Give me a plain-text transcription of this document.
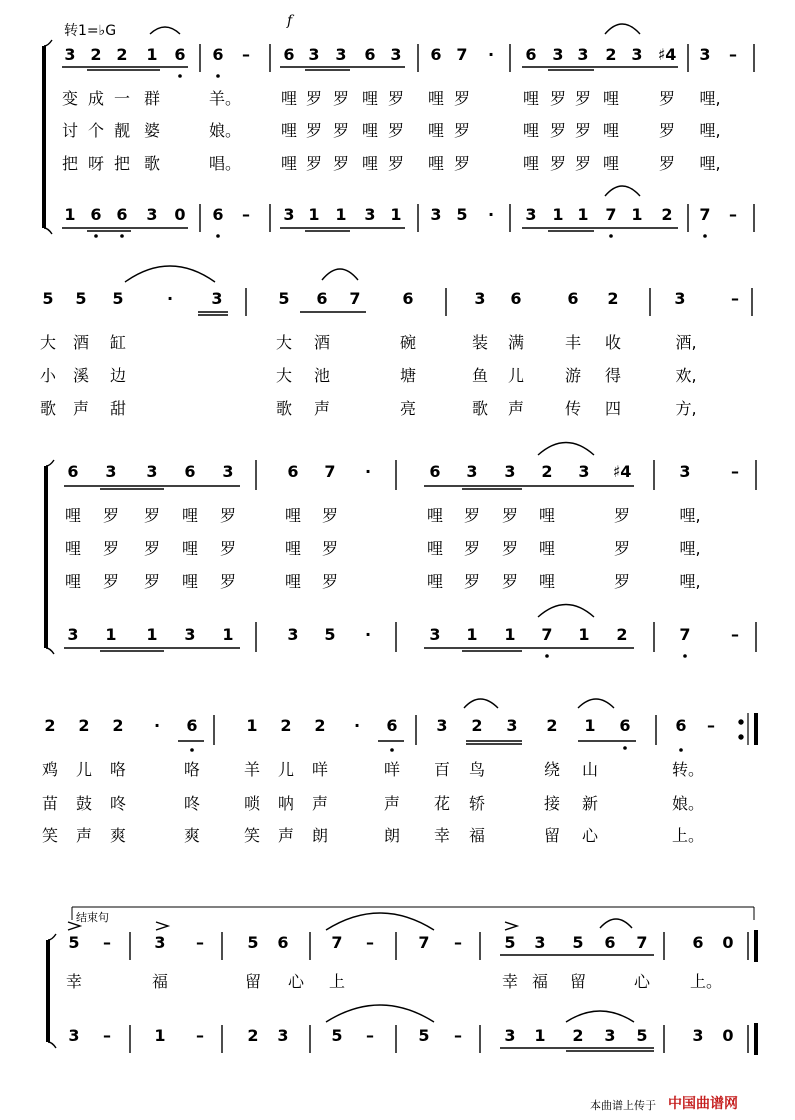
转1=♭G
f
3 2 2 1 6 6 – 6 3 3 6 3 6 7 · 6 3 3 2 3 ♯4 3 –
变 成 一 群	羊。 哩 罗 罗 哩 罗 哩 罗	哩 罗 罗 哩 罗 哩,
讨 个 靓 婆	娘。 哩 罗 罗 哩 罗 哩 罗	哩 罗 罗 哩 罗 哩,
把 呀 把 歌	唱。 哩 罗 罗 哩 罗 哩 罗	哩 罗 罗 哩 罗 哩,
1 6 6 3 0 6 – 3 1 1 3 1 3 5 · 3 1 1 7 1 2 7 –
5 5 5	· 3	5 6 7	6	3 6	6 2	3	–
大 酒 缸	大 酒	碗	装 满	丰 收	酒,
小 溪 边	大 池	塘	鱼 儿	游 得	欢,
歌 声 甜	歌 声	亮	歌 声	传 四	方,
6 3 3 6 3	6 7 ·	6 3 3 2 3 ♯4	3	–
哩 罗 罗 哩 罗	哩 罗	哩 罗 罗 哩	罗	哩,
哩 罗 罗 哩 罗	哩 罗	哩 罗 罗 哩	罗	哩,
哩 罗 罗 哩 罗	哩 罗	哩 罗 罗 哩	罗	哩,
3 1 1 3 1	3 5 ·	3 1 1 7 1 2	7	–
2 2 2 · 6	1 2 2 · 6 3 2 3 2 1 6	6 –
鸡 儿 咯	咯	羊 儿 咩	咩 百 鸟	绕 山	转。
苗 鼓 咚	咚	唢 呐 声	声 花 轿	接 新	娘。
笑 声 爽	爽	笑 声 朗	朗 幸 福	留 心	上。
5 –	3 –	5 6	7 –	7 –	5 3 5 6 7	6 0
幸	福	留 心 上	幸 福 留	心 上。
3 –	1 –	2 3	5 –	5 –	3 1 2 3 5	3 0
结束句
本曲谱上传于 中国曲谱网
